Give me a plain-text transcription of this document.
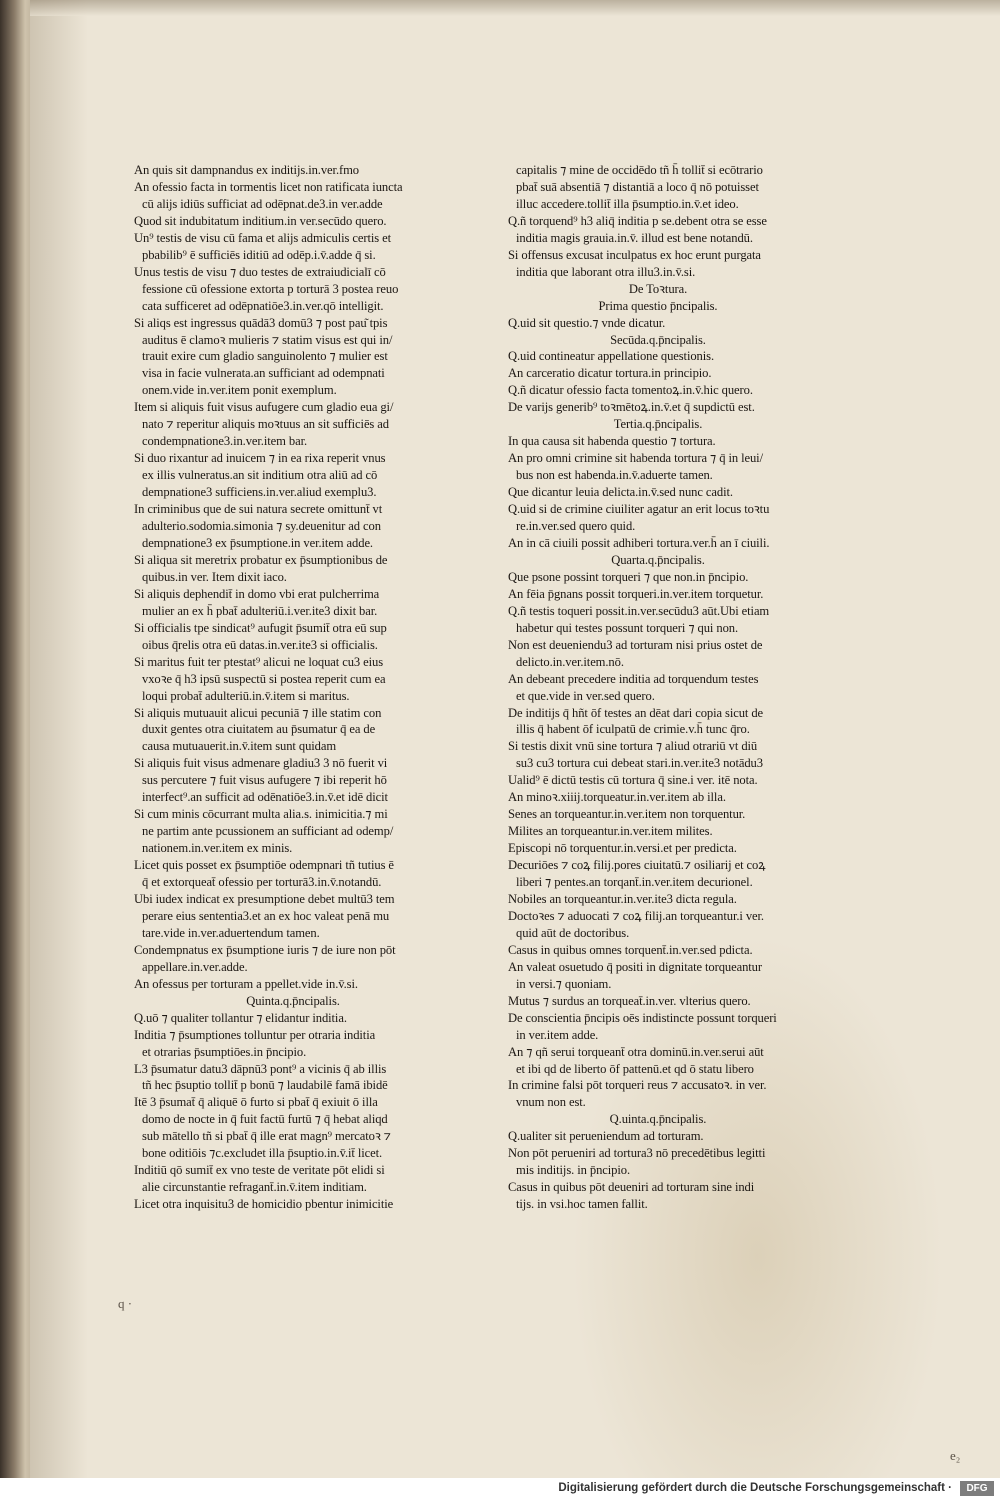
An quis sit dampnandus ex inditijs.in.ver.fmo
An ofessio facta in tormentis licet non ratificata iuncta
cū alijs idiūs sufficiat ad odēpnat.de3.in ver.adde
Quod sit indubitatum inditium.in ver.secūdo quero.
Un⁹ testis de visu cū fama et alijs admiculis certis et
pbabilib⁹ ē sufficiēs iditiū ad odēp.i.v̄.adde q̄ si.
Unus testis de visu ⁊ duo testes de extraiudicialī cō
fessione cū ofessione extorta p torturā 3 postea reuo
cata sufficeret ad odēpnatiōe3.in.ver.qō intelligit.
Si aliqs est ingressus quādā3 domū3 ⁊ post pau͂ tpis
auditus ē clamoꝛ mulieris ⁊ statim visus est qui in/
trauit exire cum gladio sanguinolento ⁊ mulier est
visa in facie vulnerata.an sufficiant ad odempnati
onem.vide in.ver.item ponit exemplum.
Item si aliquis fuit visus aufugere cum gladio eua gi/
nato ⁊ reperitur aliquis moꝛtuus an sit sufficiēs ad
condempnatione3.in.ver.item bar.
Si duo rixantur ad inuicem ⁊ in ea rixa reperit vnus
ex illis vulneratus.an sit inditium otra aliū ad cō
dempnatione3 sufficiens.in.ver.aliud exemplu3.
In criminibus que de sui natura secrete omittunt̄ vt
adulterio.sodomia.simonia ⁊ sy.deuenitur ad con
dempnatione3 ex p̄sumptione.in ver.item adde.
Si aliqua sit meretrix probatur ex p̄sumptionibus de
quibus.in ver. Item dixit iaco.
Si aliquis dephendit̄ in domo vbi erat pulcherrima
mulier an ex h̄ pbat̄ adulteriū.i.ver.ite3 dixit bar.
Si officialis tpe sindicat⁹ aufugit p̄sumit̄ otra eū sup
oibus q̄relis otra eū datas.in.ver.ite3 si officialis.
Si maritus fuit ter ptestat⁹ alicui ne loquat cu3 eius
vxoꝛe q̄ h3 ipsū suspectū si postea reperit cum ea
loqui probat̄ adulteriū.in.v̄.item si maritus.
Si aliquis mutuauit alicui pecuniā ⁊ ille statim con
duxit gentes otra ciuitatem au p̄sumatur q̄ ea de
causa mutuauerit.in.v̄.item sunt quidam
Si aliquis fuit visus admenare gladiu3 3 nō fuerit vi
sus percutere ⁊ fuit visus aufugere ⁊ ibi reperit hō
interfect⁹.an sufficit ad odēnatiōe3.in.v̄.et idē dicit
Si cum minis cōcurrant multa alia.s. inimicitia.⁊ mi
ne partim ante pcussionem an sufficiant ad odemp/
nationem.in.ver.item ex minis.
Licet quis posset ex p̄sumptiōe odempnari tñ tutius ē
q̄ et extorqueat̄ ofessio per torturā3.in.v̄.notandū.
Ubi iudex indicat ex presumptione debet multū3 tem
perare eius sententia3.et an ex hoc valeat penā mu
tare.vide in.ver.aduertendum tamen.
Condempnatus ex p̄sumptione iuris ⁊ de iure non pōt
appellare.in.ver.adde.
An ofessus per torturam a ppellet.vide in.v̄.si.
Quinta.q.p̄ncipalis.
Q.uō ⁊ qualiter tollantur ⁊ elidantur inditia.
Inditia ⁊ p̄sumptiones tolluntur per otraria inditia
et otrarias p̄sumptiōes.in p̄ncipio.
L3 p̄sumatur datu3 dāpnū3 pont⁹ a vicinis q̄ ab illis
tñ hec p̄suptio tollit̄ p bonū ⁊ laudabilē famā ibidē
Itē 3 p̄sumat̄ q̄ aliquē ō furto si pbat̄ q̄ exiuit ō illa
domo de nocte in q̄ fuit factū furtū ⁊ q̄ hebat aliqd
sub mātello tñ si pbat̄ q̄ ille erat magn⁹ mercatoꝛ ⁊
bone oditiōis ⁊c.excludet illa p̄suptio.in.v̄.it̄ licet.
Inditiū qō sumit̄ ex vno teste de veritate pōt elidi si
alie circunstantie refragant̄.in.v̄.item inditiam.
Licet otra inquisitu3 de homicidio pbentur inimicitie
capitalis ⁊ mine de occidēdo tñ h̄ tollit̄ si ecōtrario
pbat̄ suā absentiā ⁊ distantiā a loco q̄ nō potuisset
illuc accedere.tollit̄ illa p̄sumptio.in.v̄.et ideo.
Q.ñ torquend⁹ h3 aliq̄ inditia p se.debent otra se esse
inditia magis grauia.in.v̄. illud est bene notandū.
Si offensus excusat inculpatus ex hoc erunt purgata
inditia que laborant otra illu3.in.v̄.si.
De Toꝛtura.
Prima questio p̄ncipalis.
Q.uid sit questio.⁊ vnde dicatur.
Secūda.q.p̄ncipalis.
Q.uid contineatur appellatione questionis.
An carceratio dicatur tortura.in principio.
Q.ñ dicatur ofessio facta tomentoꝝ.in.v̄.hic quero.
De varijs generib⁹ toꝛmētoꝝ.in.v̄.et q̄ supdictū est.
Tertia.q.p̄ncipalis.
In qua causa sit habenda questio ⁊ tortura.
An pro omni crimine sit habenda tortura ⁊ q̄ in leui/
bus non est habenda.in.v̄.aduerte tamen.
Que dicantur leuia delicta.in.v̄.sed nunc cadit.
Q.uid si de crimine ciuiliter agatur an erit locus toꝛtu
re.in.ver.sed quero quid.
An in cā ciuili possit adhiberi tortura.ver.h̄ an ī ciuili.
Quarta.q.p̄ncipalis.
Que psone possint torqueri ⁊ que non.in p̄ncipio.
An fēia p̄gnans possit torqueri.in.ver.item torquetur.
Q.ñ testis toqueri possit.in.ver.secūdu3 aūt.Ubi etiam
habetur qui testes possunt torqueri ⁊ qui non.
Non est deueniendu3 ad torturam nisi prius ostet de
delicto.in.ver.item.nō.
An debeant precedere inditia ad torquendum testes
et que.vide in ver.sed quero.
De inditijs q̄ hñt ōf testes an dēat dari copia sicut de
illis q̄ habent ōf iculpatū de crimie.v.h̄ tunc q̄ro.
Si testis dixit vnū sine tortura ⁊ aliud otrariū vt diū
su3 cu3 tortura cui debeat stari.in.ver.ite3 notādu3
Ualid⁹ ē dictū testis cū tortura q̄ sine.i ver. itē nota.
An minoꝛ.xiiij.torqueatur.in.ver.item ab illa.
Senes an torqueantur.in.ver.item non torquentur.
Milites an torqueantur.in.ver.item milites.
Episcopi nō torquentur.in.versi.et per predicta.
Decuriōes ⁊ coꝝ filij.pores ciuitatū.⁊ osiliarij et coꝝ
liberi ⁊ pentes.an torqant̄.in.ver.item decurionel.
Nobiles an torqueantur.in.ver.ite3 dicta regula.
Doctoꝛes ⁊ aduocati ⁊ coꝝ filij.an torqueantur.i ver.
quid aūt de doctoribus.
Casus in quibus omnes torquent̄.in.ver.sed pdicta.
An valeat osuetudo q̄ positi in dignitate torqueantur
in versi.⁊ quoniam.
Mutus ⁊ surdus an torqueat̄.in.ver. vlterius quero.
De conscientia p̄ncipis oēs indistincte possunt torqueri
in ver.item adde.
An ⁊ qñ serui torqueant̄ otra dominū.in.ver.serui aūt
et ibi qd de liberto ōf pattenū.et qd ō statu libero
In crimine falsi pōt torqueri reus ⁊ accusatoꝛ. in ver.
vnum non est.
Q.uinta.q.p̄ncipalis.
Q.ualiter sit perueniendum ad torturam.
Non pōt perueniri ad tortura3 nō precedētibus legitti
mis inditijs. in p̄ncipio.
Casus in quibus pōt deueniri ad torturam sine indi
tijs. in vsi.hoc tamen fallit.
q ·
e₂
Digitalisierung gefördert durch die Deutsche Forschungsgemeinschaft ·	DFG
